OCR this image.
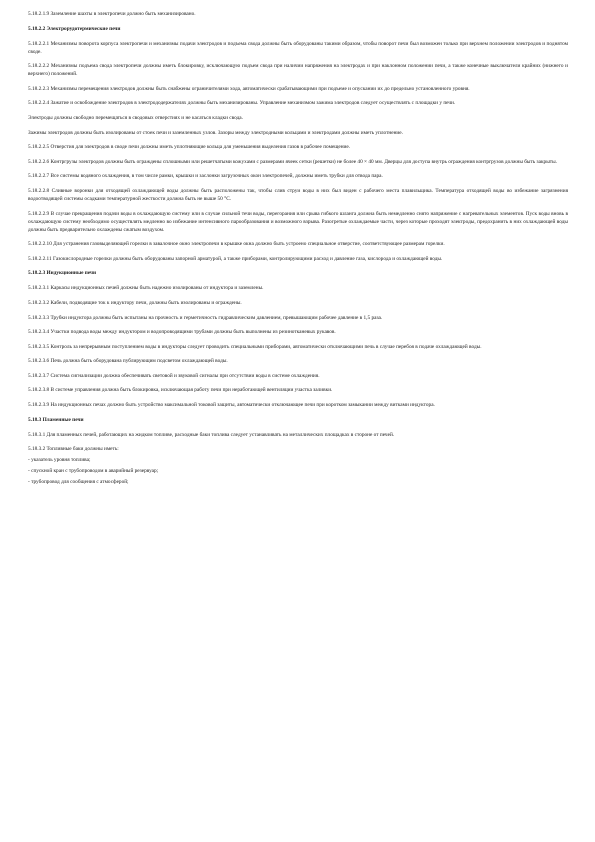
5.18.2.1.9 Заземление шахты в электропечи должно быть механизировано.

5.18.2.2 Электрорудотермические печи

5.18.2.2.1 Механизмы поворота корпуса электропечи и механизмы подачи электродов и подъема свода должны быть оборудованы такими образом, чтобы поворот печи был возможен только при верхнем положении электродов и поднятом своде.

5.18.2.2.2 Механизмы подъема свода электропечи должны иметь блокировку, исключающую подъем свода при наличии напряжения на электродах и при наклонном положении печи, а также конечные выключатели крайних (нижнего и верхнего) положений.

5.18.2.2.3 Механизмы перемещения электродов должны быть снабжены ограничителями хода, автоматически срабатывающими при подъеме и опускании их до предельно установленного уровня.

5.18.2.2.4 Зажатие и освобождение электродов в электрододержателях должны быть механизированы. Управление механизмом зажима электродов следует осуществлять с площадки у печи.

Электроды должны свободно перемещаться в сводовых отверстиях и не касаться кладки свода.

Зажимы электродов должны быть изолированы от стоек печи и заземленных узлов. Зазоры между электродными кольцами и электродами должны иметь уплотнение.

5.18.2.2.5 Отверстия для электродов в своде печи должны иметь уплотняющие кольца для уменьшения выделения газов в рабочее помещение.

5.18.2.2.6 Контргрузы электродов должны быть ограждены сплошными или решетчатыми кожухами с размерами ячеек сетки (решетки) не более 40 × 40 мм. Дверцы для доступа внутрь ограждения контргрузов должны быть закрыты.

5.18.2.2.7 Все системы водяного охлаждения, в том числе рамки, крышки и заслонки загрузочных окон электропечей, должны иметь трубки для отвода пара.

5.18.2.2.8 Сливные воронки для отходящей охлаждающей воды должны быть расположены так, чтобы слив струи воды в них был виден с рабочего места плавильщика. Температура отходящей воды во избежание загрязнения водоотводящей системы осадками температурной жесткости должна быть не выше 50 °С.

5.18.2.2.9 В случае прекращения подачи воды в охлаждающую систему или в случае сильной течи воды, перегорания или срыва гибкого шланга должна быть немедленно снято напряжение с нагревательных элементов. Пуск воды вновь в охлаждающую систему необходимо осуществлять медленно во избежание интенсивного парообразования и возможного взрыва. Разогретые охлаждаемые части, через которые проходят электроды, предохранить в них охлаждающей воды должны быть предварительно охлаждены сжатым воздухом.

5.18.2.2.10 Для устранения газовыделяющей горелки в завалочное окно электропечи в крышке окна должно быть устроено специальное отверстие, соответствующее размерам горелки.

5.18.2.2.11 Газокислородные горелки должны быть оборудованы запорной арматурой, а также приборами, контролирующими расход и давление газа, кислорода и охлаждающей воды.

5.18.2.3 Индукционные печи

5.18.2.3.1 Каркасы индукционных печей должны быть надежно изолированы от индуктора и заземлены.

5.18.2.3.2 Кабели, подводящие ток к индуктору печи, должны быть изолированы и ограждены.

5.18.2.3.3 Трубки индуктора должны быть испытаны на прочность и герметичность гидравлическим давлением, превышающим рабочее давление в 1,5 раза.

5.18.2.3.4 Участки подвода воды между индуктором и водопроводящими трубами должны быть выполнены из резинотканевых рукавов.

5.18.2.3.5 Контроль за непрерывным поступлением воды в индукторы следует проводить специальными приборами, автоматически отключающими печь в случае перебоя в подаче охлаждающей воды.

5.18.2.3.6 Печь должна быть оборудована публирующим подсветом охлаждающей воды.

5.18.2.3.7 Система сигнализации должна обеспечивать световой и звуковой сигналы при отсутствии воды в системе охлаждения.

5.18.2.3.8 В системе управления должна быть блокировка, исключающая работу печи при неработающей вентиляции участка заливки.

5.18.2.3.9 На индукционных печах должно быть устройство максимальной токовой защиты, автоматически отключающее печи при коротком замыкании между витками индуктора.

5.18.3 Пламенные печи

5.18.3.1 Для пламенных печей, работающих на жидком топливе, расходные баки топлива следует устанавливать на металлических площадках в стороне от печей.

5.18.3.2 Топливные баки должны иметь:

- указатель уровня топлива;

- спускной кран с трубопроводом в аварийный резервуар;

- трубопровод для сообщения с атмосферой;
